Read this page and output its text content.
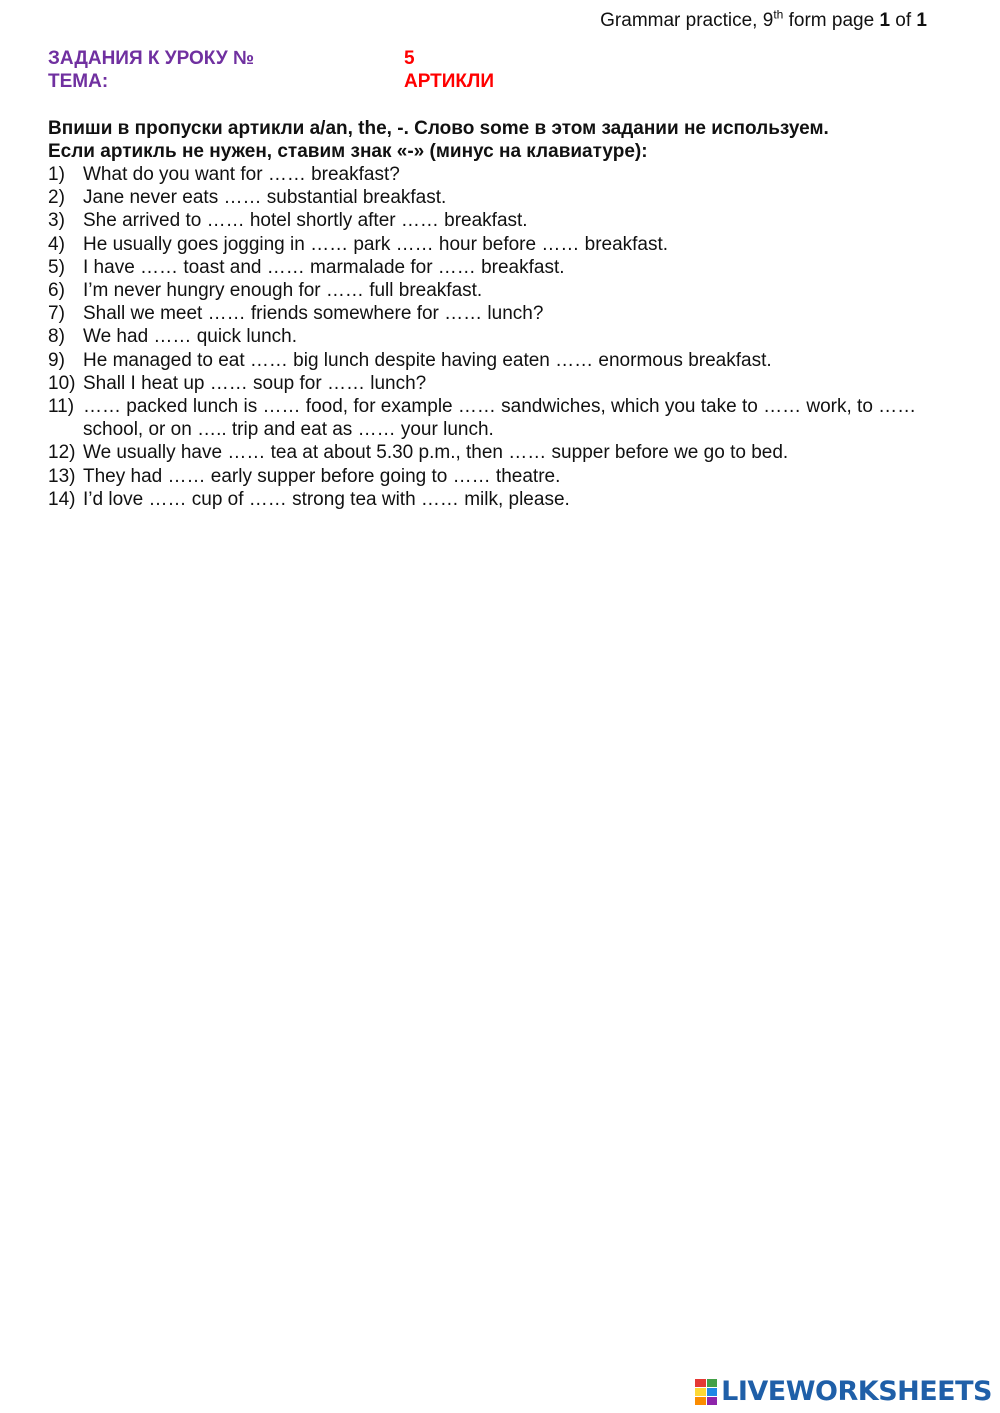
Grammar practice, 9th form page 1 of 1
ЗАДАНИЯ К УРОКУ №	5
ТЕМА:	АРТИКЛИ
Впиши в пропуски артикли a/an, the, -. Слово some в этом задании не используем.
Если артикль не нужен, ставим знак «-» (минус на клавиатуре):
1) What do you want for …… breakfast?
2) Jane never eats …… substantial breakfast.
3) She arrived to …… hotel shortly after …… breakfast.
4) He usually goes jogging in …… park …… hour before …… breakfast.
5) I have …… toast and …… marmalade for …… breakfast.
6) I’m never hungry enough for …… full breakfast.
7) Shall we meet …… friends somewhere for …… lunch?
8) We had …… quick lunch.
9) He managed to eat …… big lunch despite having eaten …… enormous breakfast.
10) Shall I heat up …… soup for …… lunch?
11) …… packed lunch is …… food, for example …… sandwiches, which you take to …… work, to …… school, or on ….. trip and eat as …… your lunch.
12) We usually have …… tea at about 5.30 p.m., then …… supper before we go to bed.
13) They had …… early supper before going to …… theatre.
14) I’d love …… cup of …… strong tea with …… milk, please.
LIVEWORKSHEETS
